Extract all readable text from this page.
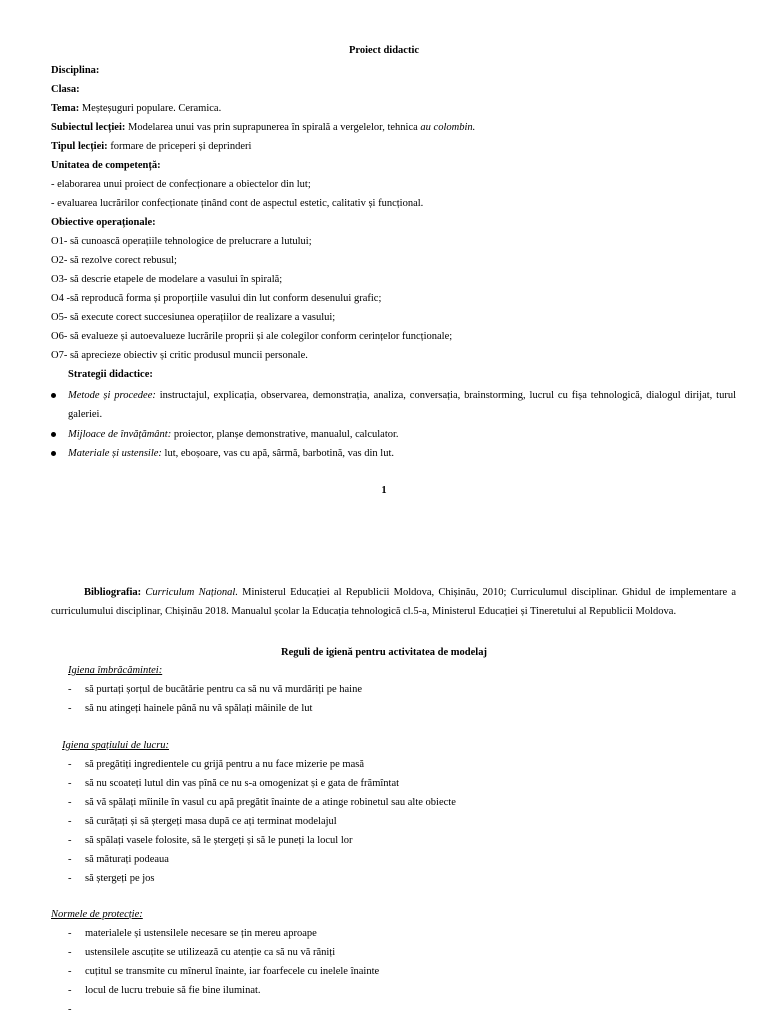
Proiect didactic
Disciplina:
Clasa:
Tema: Meșteșuguri populare. Ceramica.
Subiectul lecției: Modelarea unui vas prin suprapunerea în spirală a vergelelor, tehnica au colombin.
Tipul lecției: formare de priceperi și deprinderi
Unitatea de competență:
- elaborarea unui proiect de confecționare a obiectelor din lut;
- evaluarea lucrărilor confecționate ținând cont de aspectul estetic, calitativ și funcțional.
Obiective operaționale:
O1- să cunoască operațiile tehnologice de prelucrare a lutului;
O2- să rezolve corect rebusul;
O3- să descrie etapele de modelare a vasului în spirală;
O4 -să reproducă forma și proporțiile vasului din lut conform desenului grafic;
O5- să execute corect succesiunea operațiilor de realizare a vasului;
O6- să evalueze și autoevalueze lucrările proprii și ale colegilor conform cerințelor funcționale;
O7- să aprecieze obiectiv și critic produsul muncii personale.
Strategii didactice:
Metode și procedee: instructajul, explicația, observarea, demonstrația, analiza, conversația, brainstorming, lucrul cu fișa tehnologică, dialogul dirijat, turul galeriei.
Mijloace de învățământ: proiector, planșe demonstrative, manualul, calculator.
Materiale și ustensile: lut, eboșoare, vas cu apă, sârmă, barbotină, vas din lut.
1
Bibliografia: Curriculum Național. Ministerul Educației al Republicii Moldova, Chișinău, 2010; Curriculumul disciplinar. Ghidul de implementare a curriculumului disciplinar, Chișinău 2018. Manualul școlar la Educația tehnologică cl.5-a, Ministerul Educației și Tineretului al Republicii Moldova.
Reguli de igienă pentru activitatea de modelaj
Igiena îmbrăcămintei:
- să purtați șorțul de bucătărie pentru ca să nu vă murdăriți pe haine
- să nu atingeți hainele până nu vă spălați mâinile de lut
Igiena spațiului de lucru:
- să pregătiți ingredientele cu grijă pentru a nu face mizerie pe masă
- să nu scoateți lutul din vas pînă ce nu s-a omogenizat și e gata de frămîntat
- să vă spălați mîinile în vasul cu apă pregătit înainte de a atinge robinetul sau alte obiecte
- să curățați și să ștergeți masa după ce ați terminat modelajul
- să spălați vasele folosite, să le ștergeți și să le puneți la locul lor
- să măturați podeaua
- să ștergeți pe jos
Normele de protecție:
- materialele și ustensilele necesare se țin mereu aproape
- ustensilele ascuțite se utilizează cu atenție ca să nu vă răniți
- cuțitul se transmite cu mînerul înainte, iar foarfecele cu inelele înainte
- locul de lucru trebuie să fie bine iluminat.
-
